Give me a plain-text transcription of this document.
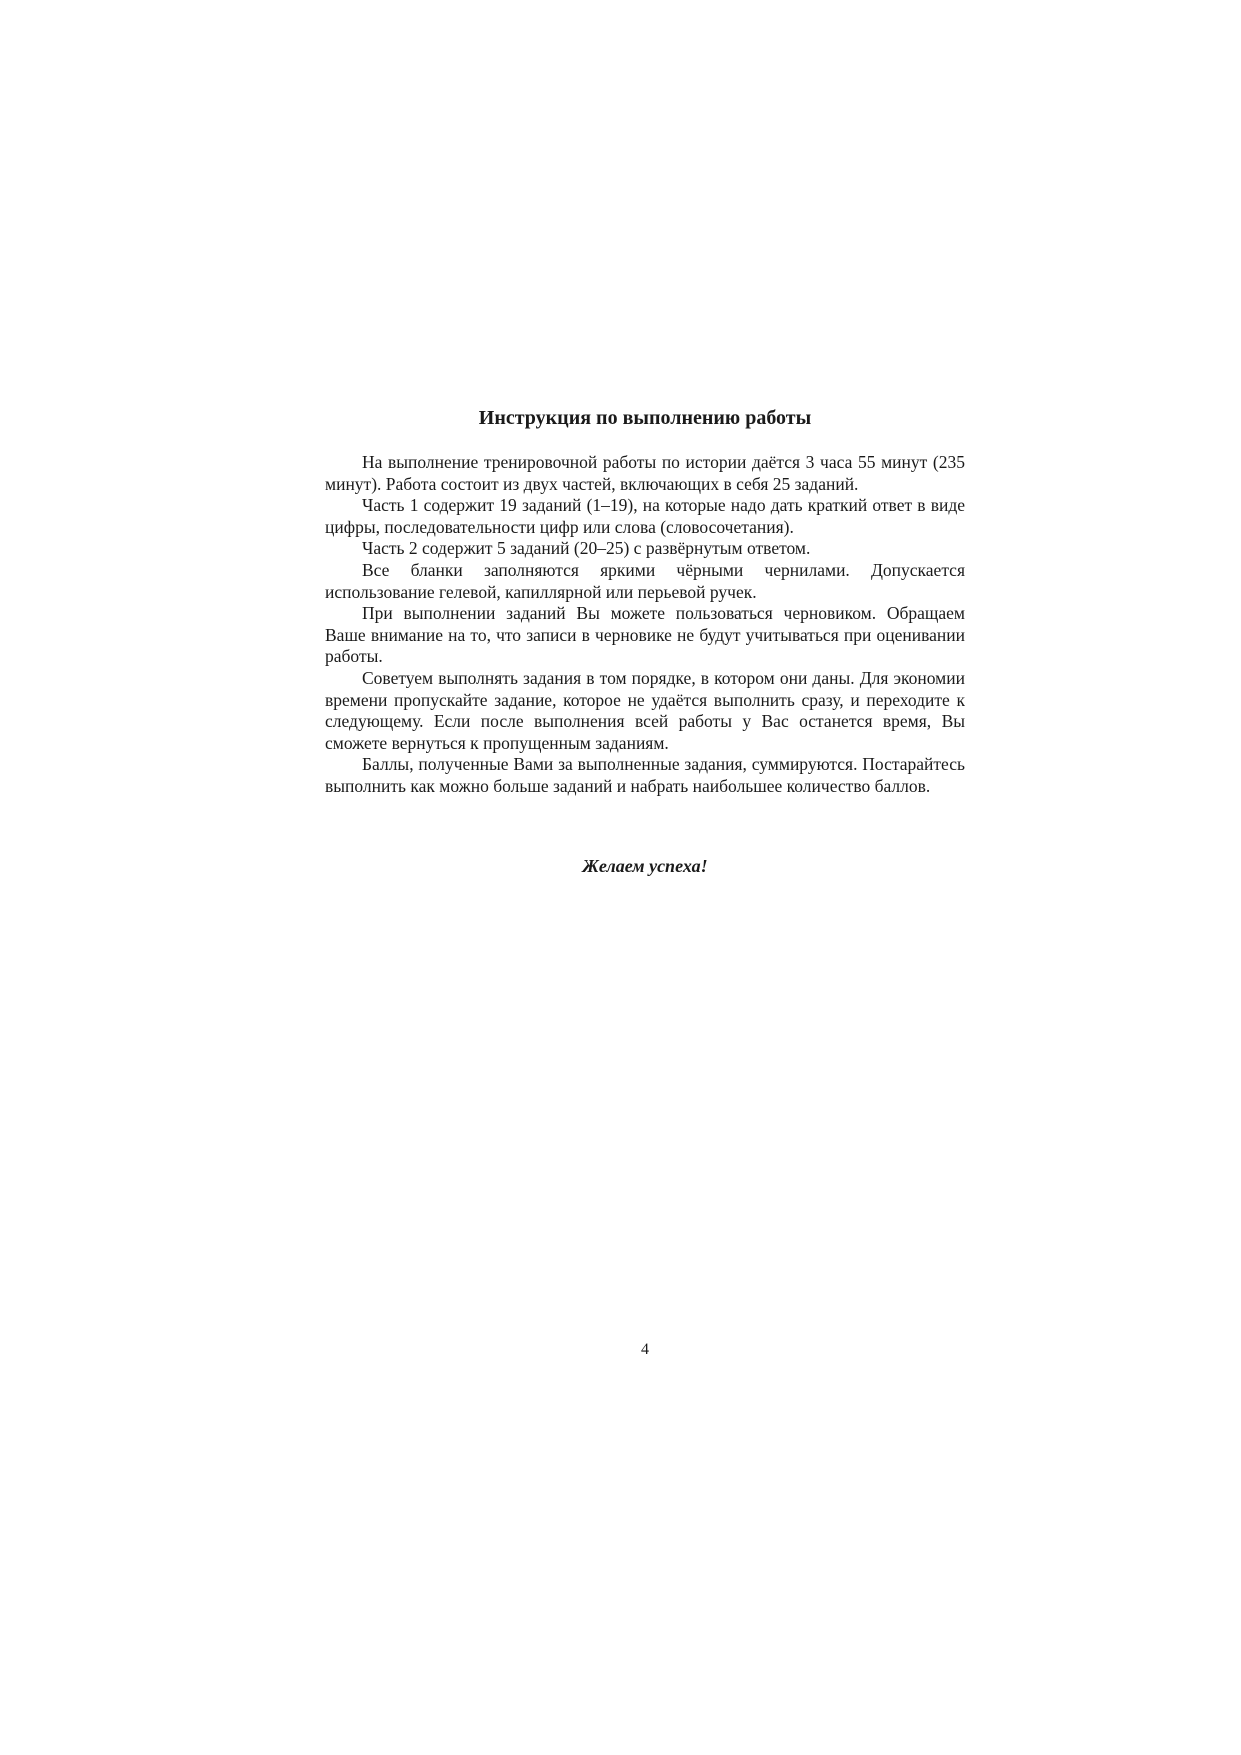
Инструкция по выполнению работы

На выполнение тренировочной работы по истории даётся 3 часа 55 минут (235 минут). Работа состоит из двух частей, включающих в себя 25 заданий.

Часть 1 содержит 19 заданий (1–19), на которые надо дать краткий ответ в виде цифры, последовательности цифр или слова (словосочетания).

Часть 2 содержит 5 заданий (20–25) с развёрнутым ответом.

Все бланки заполняются яркими чёрными чернилами. Допускается использование гелевой, капиллярной или перьевой ручек.

При выполнении заданий Вы можете пользоваться черновиком. Обращаем Ваше внимание на то, что записи в черновике не будут учитываться при оценивании работы.

Советуем выполнять задания в том порядке, в котором они даны. Для экономии времени пропускайте задание, которое не удаётся выполнить сразу, и переходите к следующему. Если после выполнения всей работы у Вас останется время, Вы сможете вернуться к пропущенным заданиям.

Баллы, полученные Вами за выполненные задания, суммируются. Постарайтесь выполнить как можно больше заданий и набрать наибольшее количество баллов.

Желаем успеха!

4
